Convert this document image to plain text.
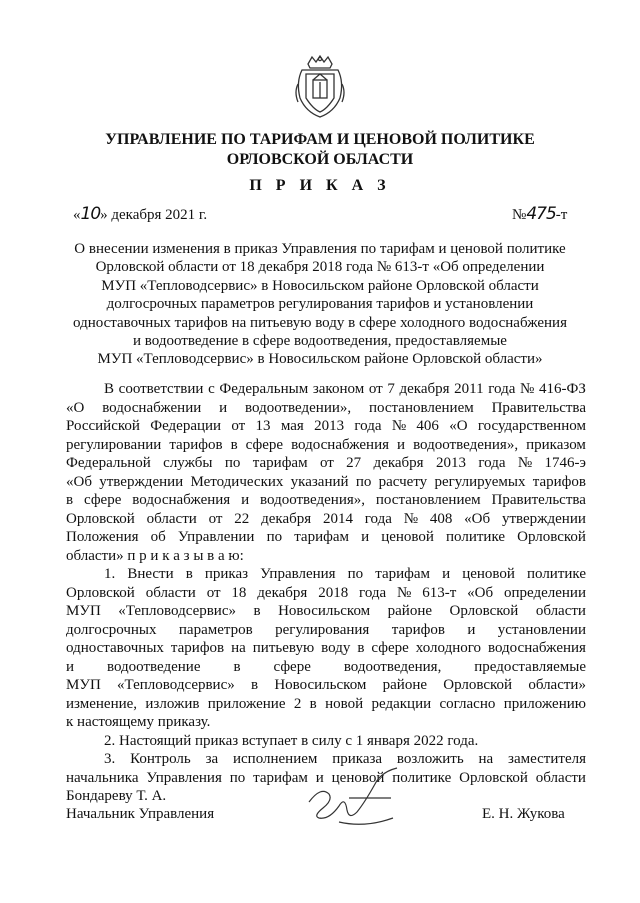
УПРАВЛЕНИЕ ПО ТАРИФАМ И ЦЕНОВОЙ ПОЛИТИКЕ
ОРЛОВСКОЙ ОБЛАСТИ
П Р И К А З
«10» декабря 2021 г.	№475-т
О внесении изменения в приказ Управления по тарифам и ценовой политике
Орловской области от 18 декабря 2018 года № 613-т «Об определении
МУП «Тепловодсервис» в Новосильском районе Орловской области
долгосрочных параметров регулирования тарифов и установлении
одноставочных тарифов на питьевую воду в сфере холодного водоснабжения
и водоотведение в сфере водоотведения, предоставляемые
МУП «Тепловодсервис» в Новосильском районе Орловской области»
В соответствии с Федеральным законом от 7 декабря 2011 года № 416-ФЗ
«О водоснабжении и водоотведении», постановлением Правительства
Российской Федерации от 13 мая 2013 года № 406 «О государственном
регулировании тарифов в сфере водоснабжения и водоотведения», приказом
Федеральной службы по тарифам от 27 декабря 2013 года № 1746-э
«Об утверждении Методических указаний по расчету регулируемых тарифов
в сфере водоснабжения и водоотведения», постановлением Правительства
Орловской области от 22 декабря 2014 года № 408 «Об утверждении
Положения об Управлении по тарифам и ценовой политике Орловской
области» п р и к а з ы в а ю:
1. Внести в приказ Управления по тарифам и ценовой политике
Орловской области от 18 декабря 2018 года № 613-т «Об определении
МУП «Тепловодсервис» в Новосильском районе Орловской области
долгосрочных параметров регулирования тарифов и установлении
одноставочных тарифов на питьевую воду в сфере холодного водоснабжения
и водоотведение в сфере водоотведения, предоставляемые
МУП «Тепловодсервис» в Новосильском районе Орловской области»
изменение, изложив приложение 2 в новой редакции согласно приложению
к настоящему приказу.
2. Настоящий приказ вступает в силу с 1 января 2022 года.
3. Контроль за исполнением приказа возложить на заместителя
начальника Управления по тарифам и ценовой политике Орловской области
Бондареву Т. А.
Начальник Управления	Е. Н. Жукова
